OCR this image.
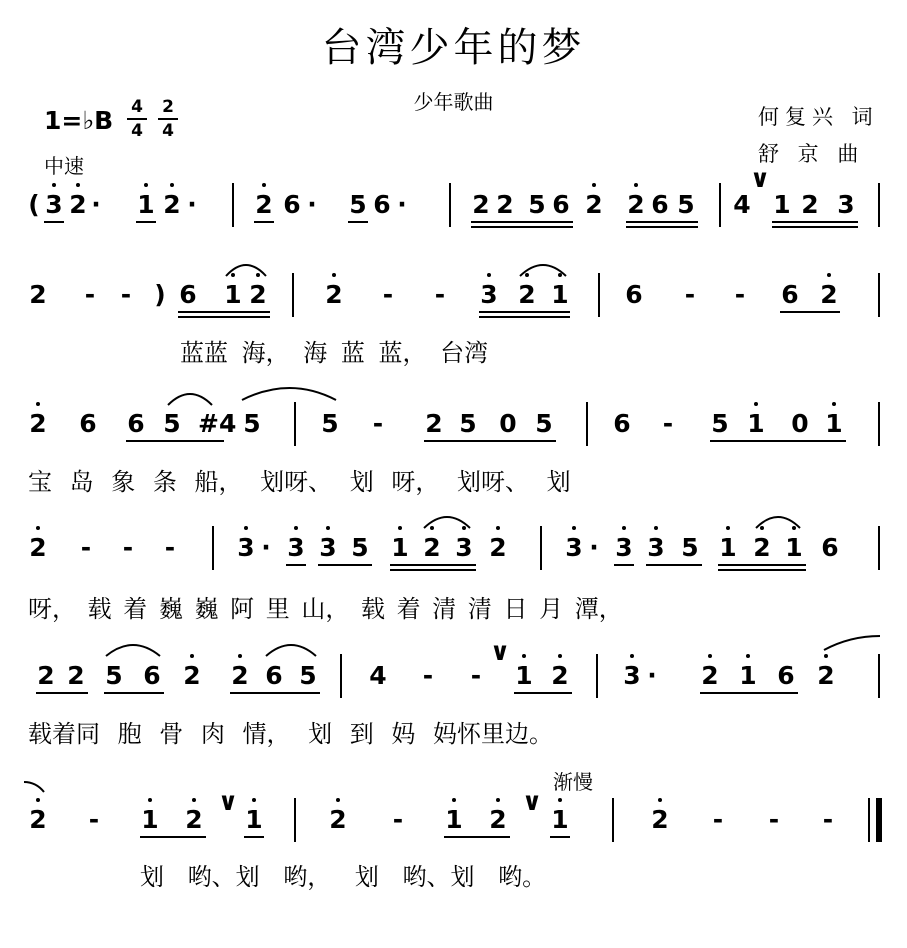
台湾少年的梦
少年歌曲
何复兴 词
舒 京 曲
1=♭B 4
4
2
4
中速
渐慢
( 3 2 · 1 2 · 2 6 · 5 6 ·	2 2 5 6 2 2 6 5 4 1 2 3
2 - - ) 6 1 2 2 - - 3 2 1 6 - - 6 2
2 6 6 5 #4 5 5 - 2 5 0 5 6 - 5 1 0 1
2 - - - 3 · 3 3 5 1 2 3 2 3 · 3 3 5 1 2 1 6
2 2 5 6 2 2 6 5 4 - - 1 2 3 · 2 1 6 2
2 - 1 2 1
∨
2 - 1 2 1
∨
2 - - -
∨
∨
蓝蓝 海， 海 蓝 蓝， 台湾
宝 岛 象 条 船， 划呀、 划 呀， 划呀、 划
呀， 载 着 巍 巍 阿 里 山， 载 着 清 清 日 月 潭，
载着同 胞 骨 肉 情， 划 到 妈 妈怀里边。
划 哟、划 哟， 划 哟、划 哟。
